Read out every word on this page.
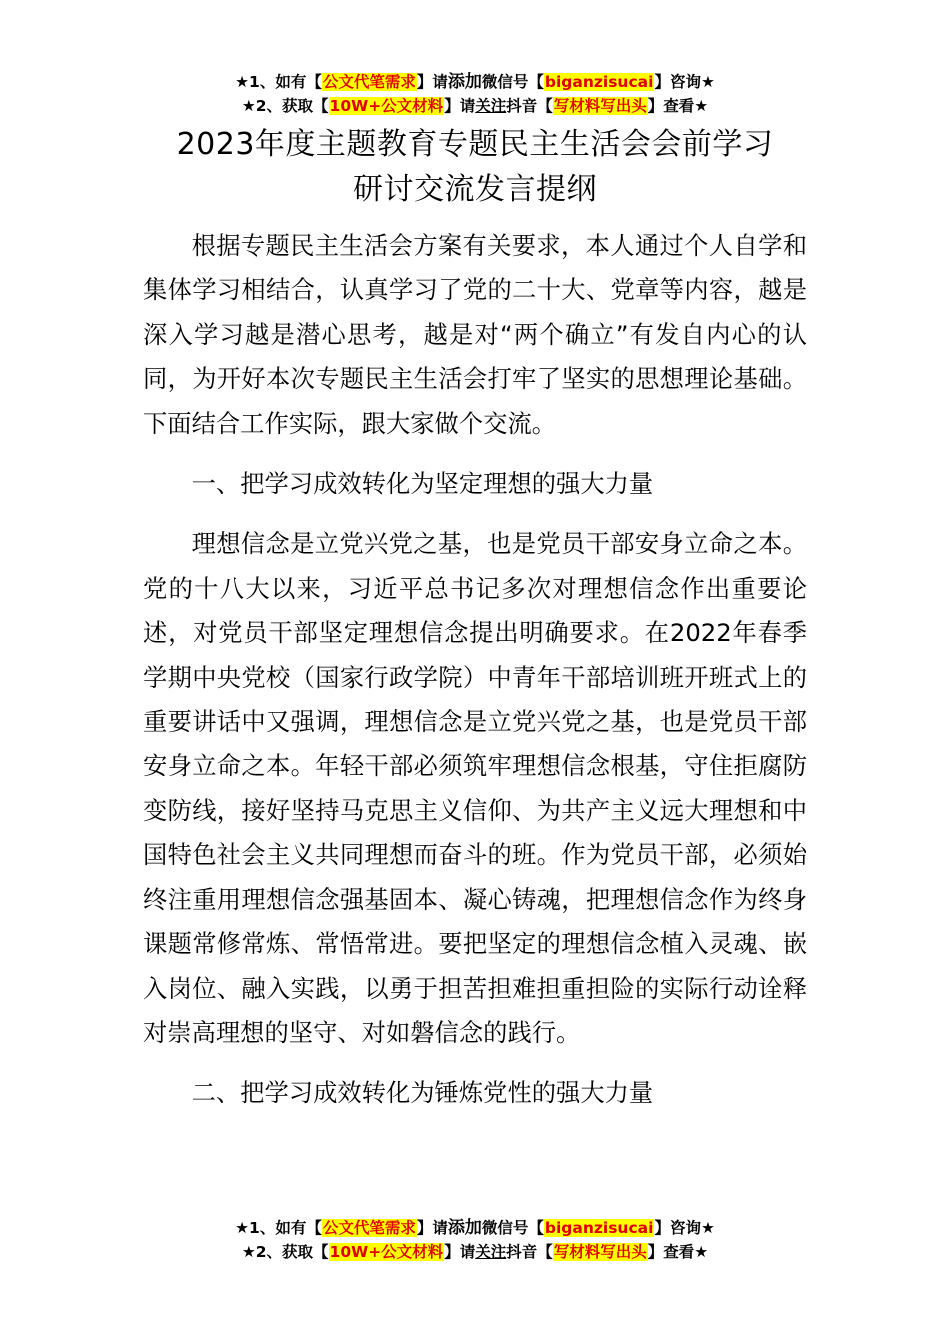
★1、如有【公文代笔需求】请添加微信号【biganzisucai】咨询★
★2、获取【10W+公文材料】请关注抖音【写材料写出头】查看★
2023年度主题教育专题民主生活会会前学习
研讨交流发言提纲

根据专题民主生活会方案有关要求，本人通过个人自学和集体学习相结合，认真学习了党的二十大、党章等内容，越是深入学习越是潜心思考，越是对“两个确立”有发自内心的认同，为开好本次专题民主生活会打牢了坚实的思想理论基础。下面结合工作实际，跟大家做个交流。

一、把学习成效转化为坚定理想的强大力量

理想信念是立党兴党之基，也是党员干部安身立命之本。党的十八大以来，习近平总书记多次对理想信念作出重要论述，对党员干部坚定理想信念提出明确要求。在2022年春季学期中央党校（国家行政学院）中青年干部培训班开班式上的重要讲话中又强调，理想信念是立党兴党之基，也是党员干部安身立命之本。年轻干部必须筑牢理想信念根基，守住拒腐防变防线，接好坚持马克思主义信仰、为共产主义远大理想和中国特色社会主义共同理想而奋斗的班。作为党员干部，必须始终注重用理想信念强基固本、凝心铸魂，把理想信念作为终身课题常修常炼、常悟常进。要把坚定的理想信念植入灵魂、嵌入岗位、融入实践，以勇于担苦担难担重担险的实际行动诠释对崇高理想的坚守、对如磐信念的践行。

二、把学习成效转化为锤炼党性的强大力量

★1、如有【公文代笔需求】请添加微信号【biganzisucai】咨询★
★2、获取【10W+公文材料】请关注抖音【写材料写出头】查看★
